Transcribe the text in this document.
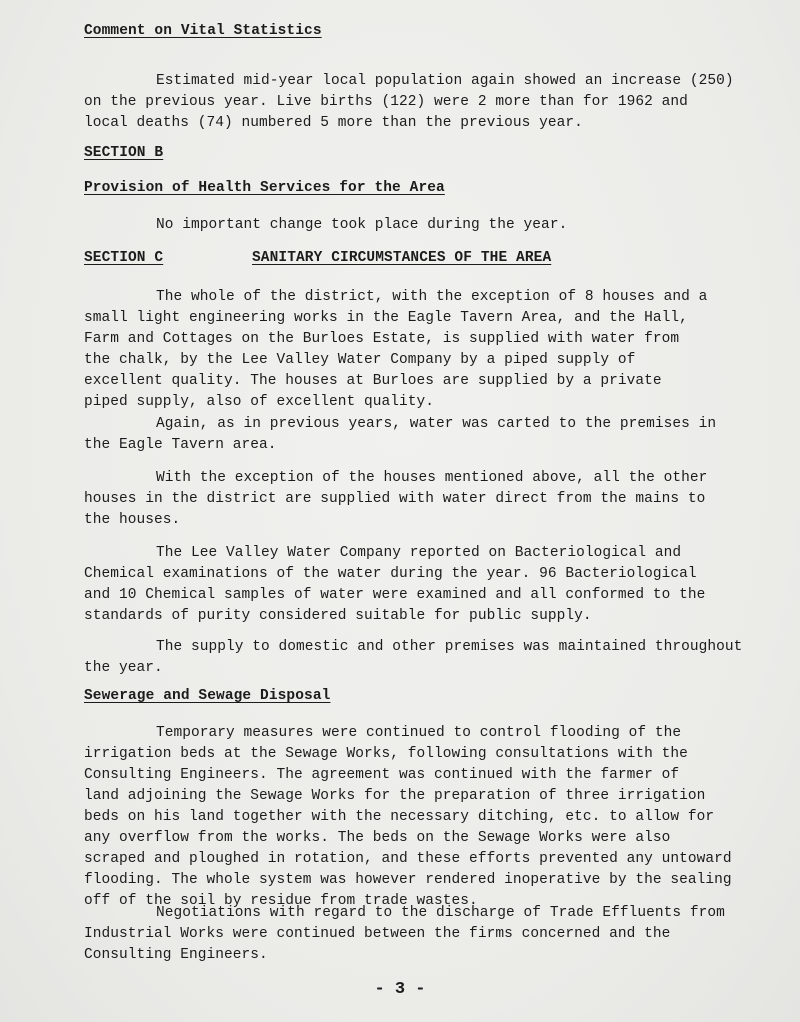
Comment on Vital Statistics
Estimated mid-year local population again showed an increase (250)
on the previous year. Live births (122) were 2 more than for 1962 and
local deaths (74) numbered 5 more than the previous year.
SECTION B
Provision of Health Services for the Area
No important change took place during the year.
SECTION C	SANITARY CIRCUMSTANCES OF THE AREA
The whole of the district, with the exception of 8 houses and a
small light engineering works in the Eagle Tavern Area, and the Hall,
Farm and Cottages on the Burloes Estate, is supplied with water from
the chalk, by the Lee Valley Water Company by a piped supply of
excellent quality. The houses at Burloes are supplied by a private
piped supply, also of excellent quality.
Again, as in previous years, water was carted to the premises in
the Eagle Tavern area.
With the exception of the houses mentioned above, all the other
houses in the district are supplied with water direct from the mains to
the houses.
The Lee Valley Water Company reported on Bacteriological and
Chemical examinations of the water during the year. 96 Bacteriological
and 10 Chemical samples of water were examined and all conformed to the
standards of purity considered suitable for public supply.
The supply to domestic and other premises was maintained throughout
the year.
Sewerage and Sewage Disposal
Temporary measures were continued to control flooding of the
irrigation beds at the Sewage Works, following consultations with the
Consulting Engineers. The agreement was continued with the farmer of
land adjoining the Sewage Works for the preparation of three irrigation
beds on his land together with the necessary ditching, etc. to allow for
any overflow from the works. The beds on the Sewage Works were also
scraped and ploughed in rotation, and these efforts prevented any untoward
flooding. The whole system was however rendered inoperative by the sealing
off of the soil by residue from trade wastes.
Negotiations with regard to the discharge of Trade Effluents from
Industrial Works were continued between the firms concerned and the
Consulting Engineers.
- 3 -
